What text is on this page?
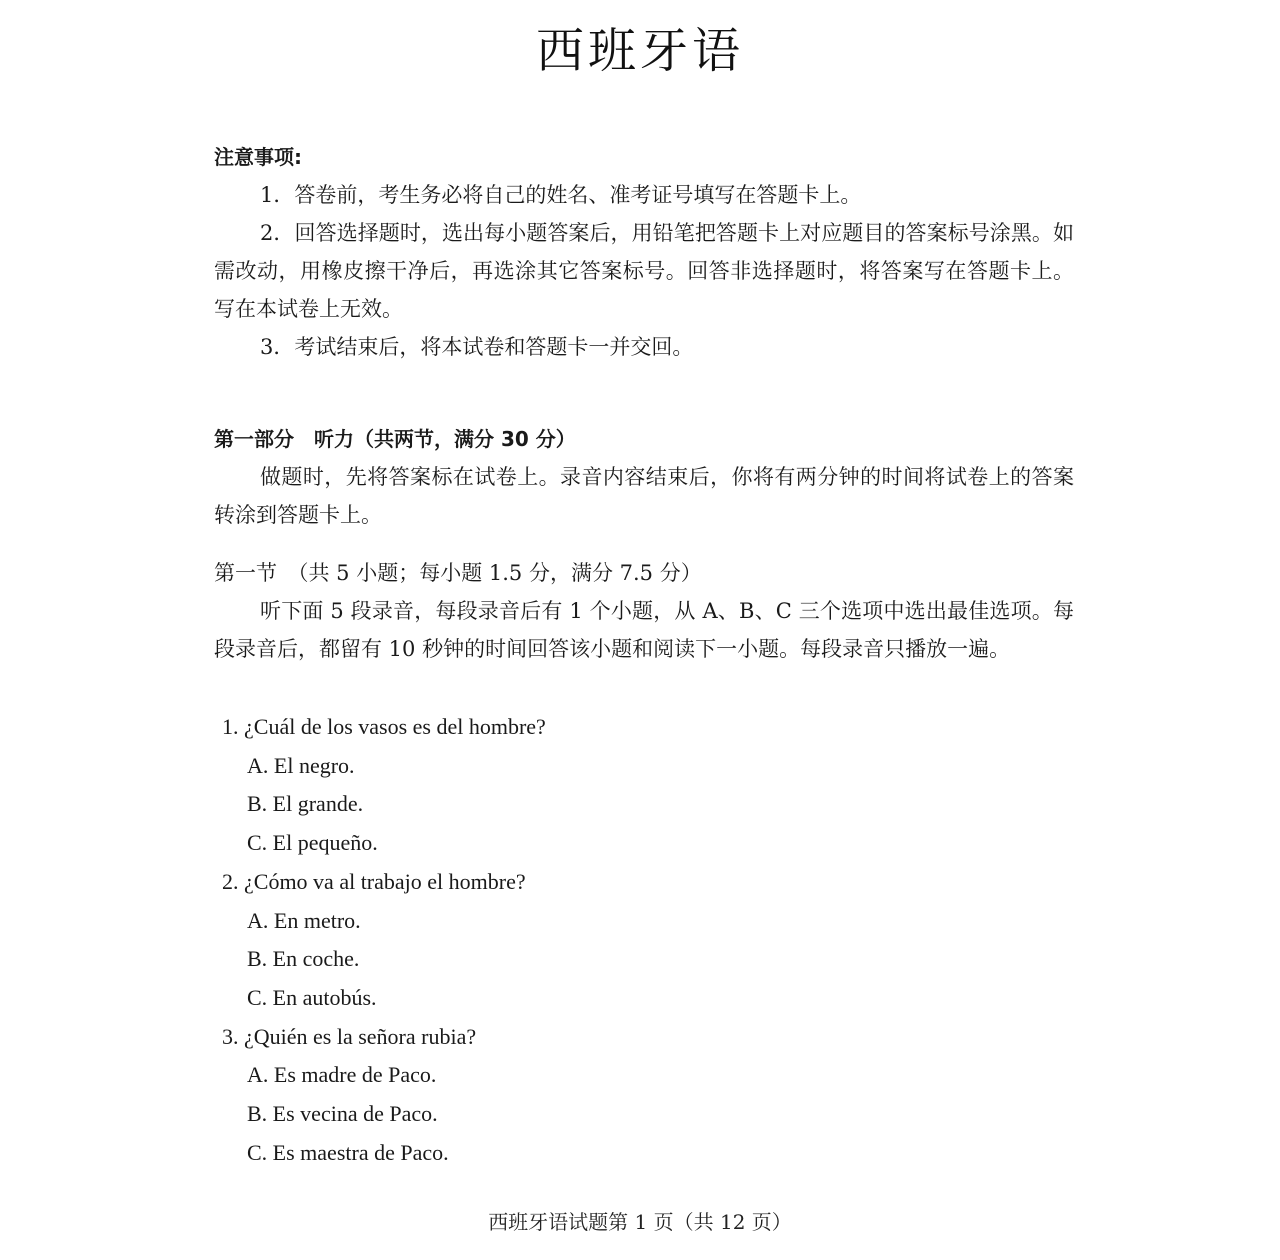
西班牙语

注意事项:

1．答卷前，考生务必将自己的姓名、准考证号填写在答题卡上。

2．回答选择题时，选出每小题答案后，用铅笔把答题卡上对应题目的答案标号涂黑。如需改动，用橡皮擦干净后，再选涂其它答案标号。回答非选择题时，将答案写在答题卡上。写在本试卷上无效。

3．考试结束后，将本试卷和答题卡一并交回。

第一部分　听力（共两节，满分 30 分）

做题时，先将答案标在试卷上。录音内容结束后，你将有两分钟的时间将试卷上的答案转涂到答题卡上。

第一节　（共 5 小题；每小题 1.5 分，满分 7.5 分）

听下面 5 段录音，每段录音后有 1 个小题，从 A、B、C 三个选项中选出最佳选项。每段录音后，都留有 10 秒钟的时间回答该小题和阅读下一小题。每段录音只播放一遍。

1. ¿Cuál de los vasos es del hombre?

A. El negro.

B. El grande.

C. El pequeño.

2. ¿Cómo va al trabajo el hombre?

A. En metro.

B. En coche.

C. En autobús.

3. ¿Quién es la señora rubia?

A. Es madre de Paco.

B. Es vecina de Paco.

C. Es maestra de Paco.

西班牙语试题第 1 页（共 12 页）
